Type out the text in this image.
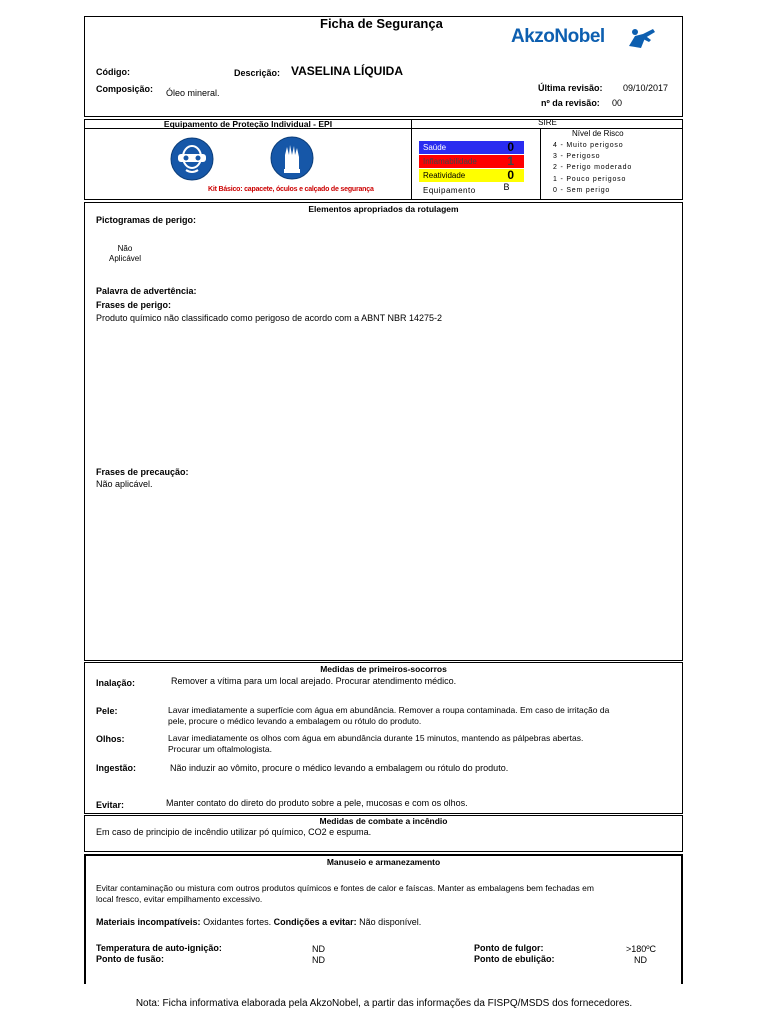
Ficha de Segurança
AkzoNobel
Código:	Descrição: VASELINA LÍQUIDA
Composição: Óleo mineral.	Última revisão: 09/10/2017
nº da revisão: 00
Equipamento de Proteção Individual - EPI	SIRE
Kit Básico: capacete, óculos e calçado de segurança
Saúde	0
Inflamabilidade	1
Reatividade	0
Equipamento	B
Nível de Risco
4 - Muito perigoso
3 - Perigoso
2 - Perigo moderado
1 - Pouco perigoso
0 - Sem perigo
Elementos apropriados da rotulagem
Pictogramas de perigo:
Não
Aplicável
Palavra de advertência:
Frases de perigo:
Produto químico não classificado como perigoso de acordo com a ABNT NBR 14275-2
Frases de precaução:
Não aplicável.
Medidas de primeiros-socorros
Inalação:	Remover a vítima para um local arejado. Procurar atendimento médico.
Pele:	Lavar imediatamente a superfície com água em abundância. Remover a roupa contaminada. Em caso de irritação da
pele, procure o médico levando a embalagem ou rótulo do produto.
Olhos:	Lavar imediatamente os olhos com água em abundância durante 15 minutos, mantendo as pálpebras abertas.
Procurar um oftalmologista.
Ingestão:	Não induzir ao vômito, procure o médico levando a embalagem ou rótulo do produto.
Evitar:	Manter contato do direto do produto sobre a pele, mucosas e com os olhos.
Medidas de combate a incêndio
Em caso de principio de incêndio utilizar pó químico, CO2 e espuma.
Manuseio e armanezamento
Evitar contaminação ou mistura com outros produtos químicos e fontes de calor e faíscas. Manter as embalagens bem fechadas em
local fresco, evitar empilhamento excessivo.
Materiais incompatíveis: Oxidantes fortes. Condições a evitar: Não disponível.
Temperatura de auto-ignição:	ND
Ponto de fusão:	ND
Ponto de fulgor:	>180ºC
Ponto de ebulição:	ND
Nota: Ficha informativa elaborada pela AkzoNobel, a partir das informações da FISPQ/MSDS dos fornecedores.
